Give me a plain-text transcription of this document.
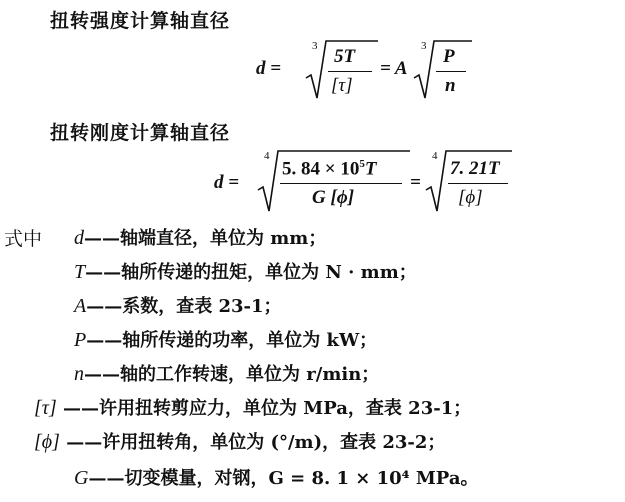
扭转强度计算轴直径
d =
3 5T
[τ]
= A
3 P
n
扭转刚度计算轴直径
d =
4
5. $84 \times 10^5T$
G [ϕ]
=
4
7. 21T
[ϕ]
式中 d——轴端直径，单位为 mm；
T——轴所传递的扭矩，单位为 N · mm；
A——系数，查表 23-1；
P——轴所传递的功率，单位为 kW；
n——轴的工作转速，单位为 r/min；
[τ] ——许用扭转剪应力，单位为 MPa，查表 23-1；
[ϕ] ——许用扭转角，单位为 (°/m)，查表 23-2；
G——切变模量，对钢，G = 8. 1 × 10⁴ MPa。
